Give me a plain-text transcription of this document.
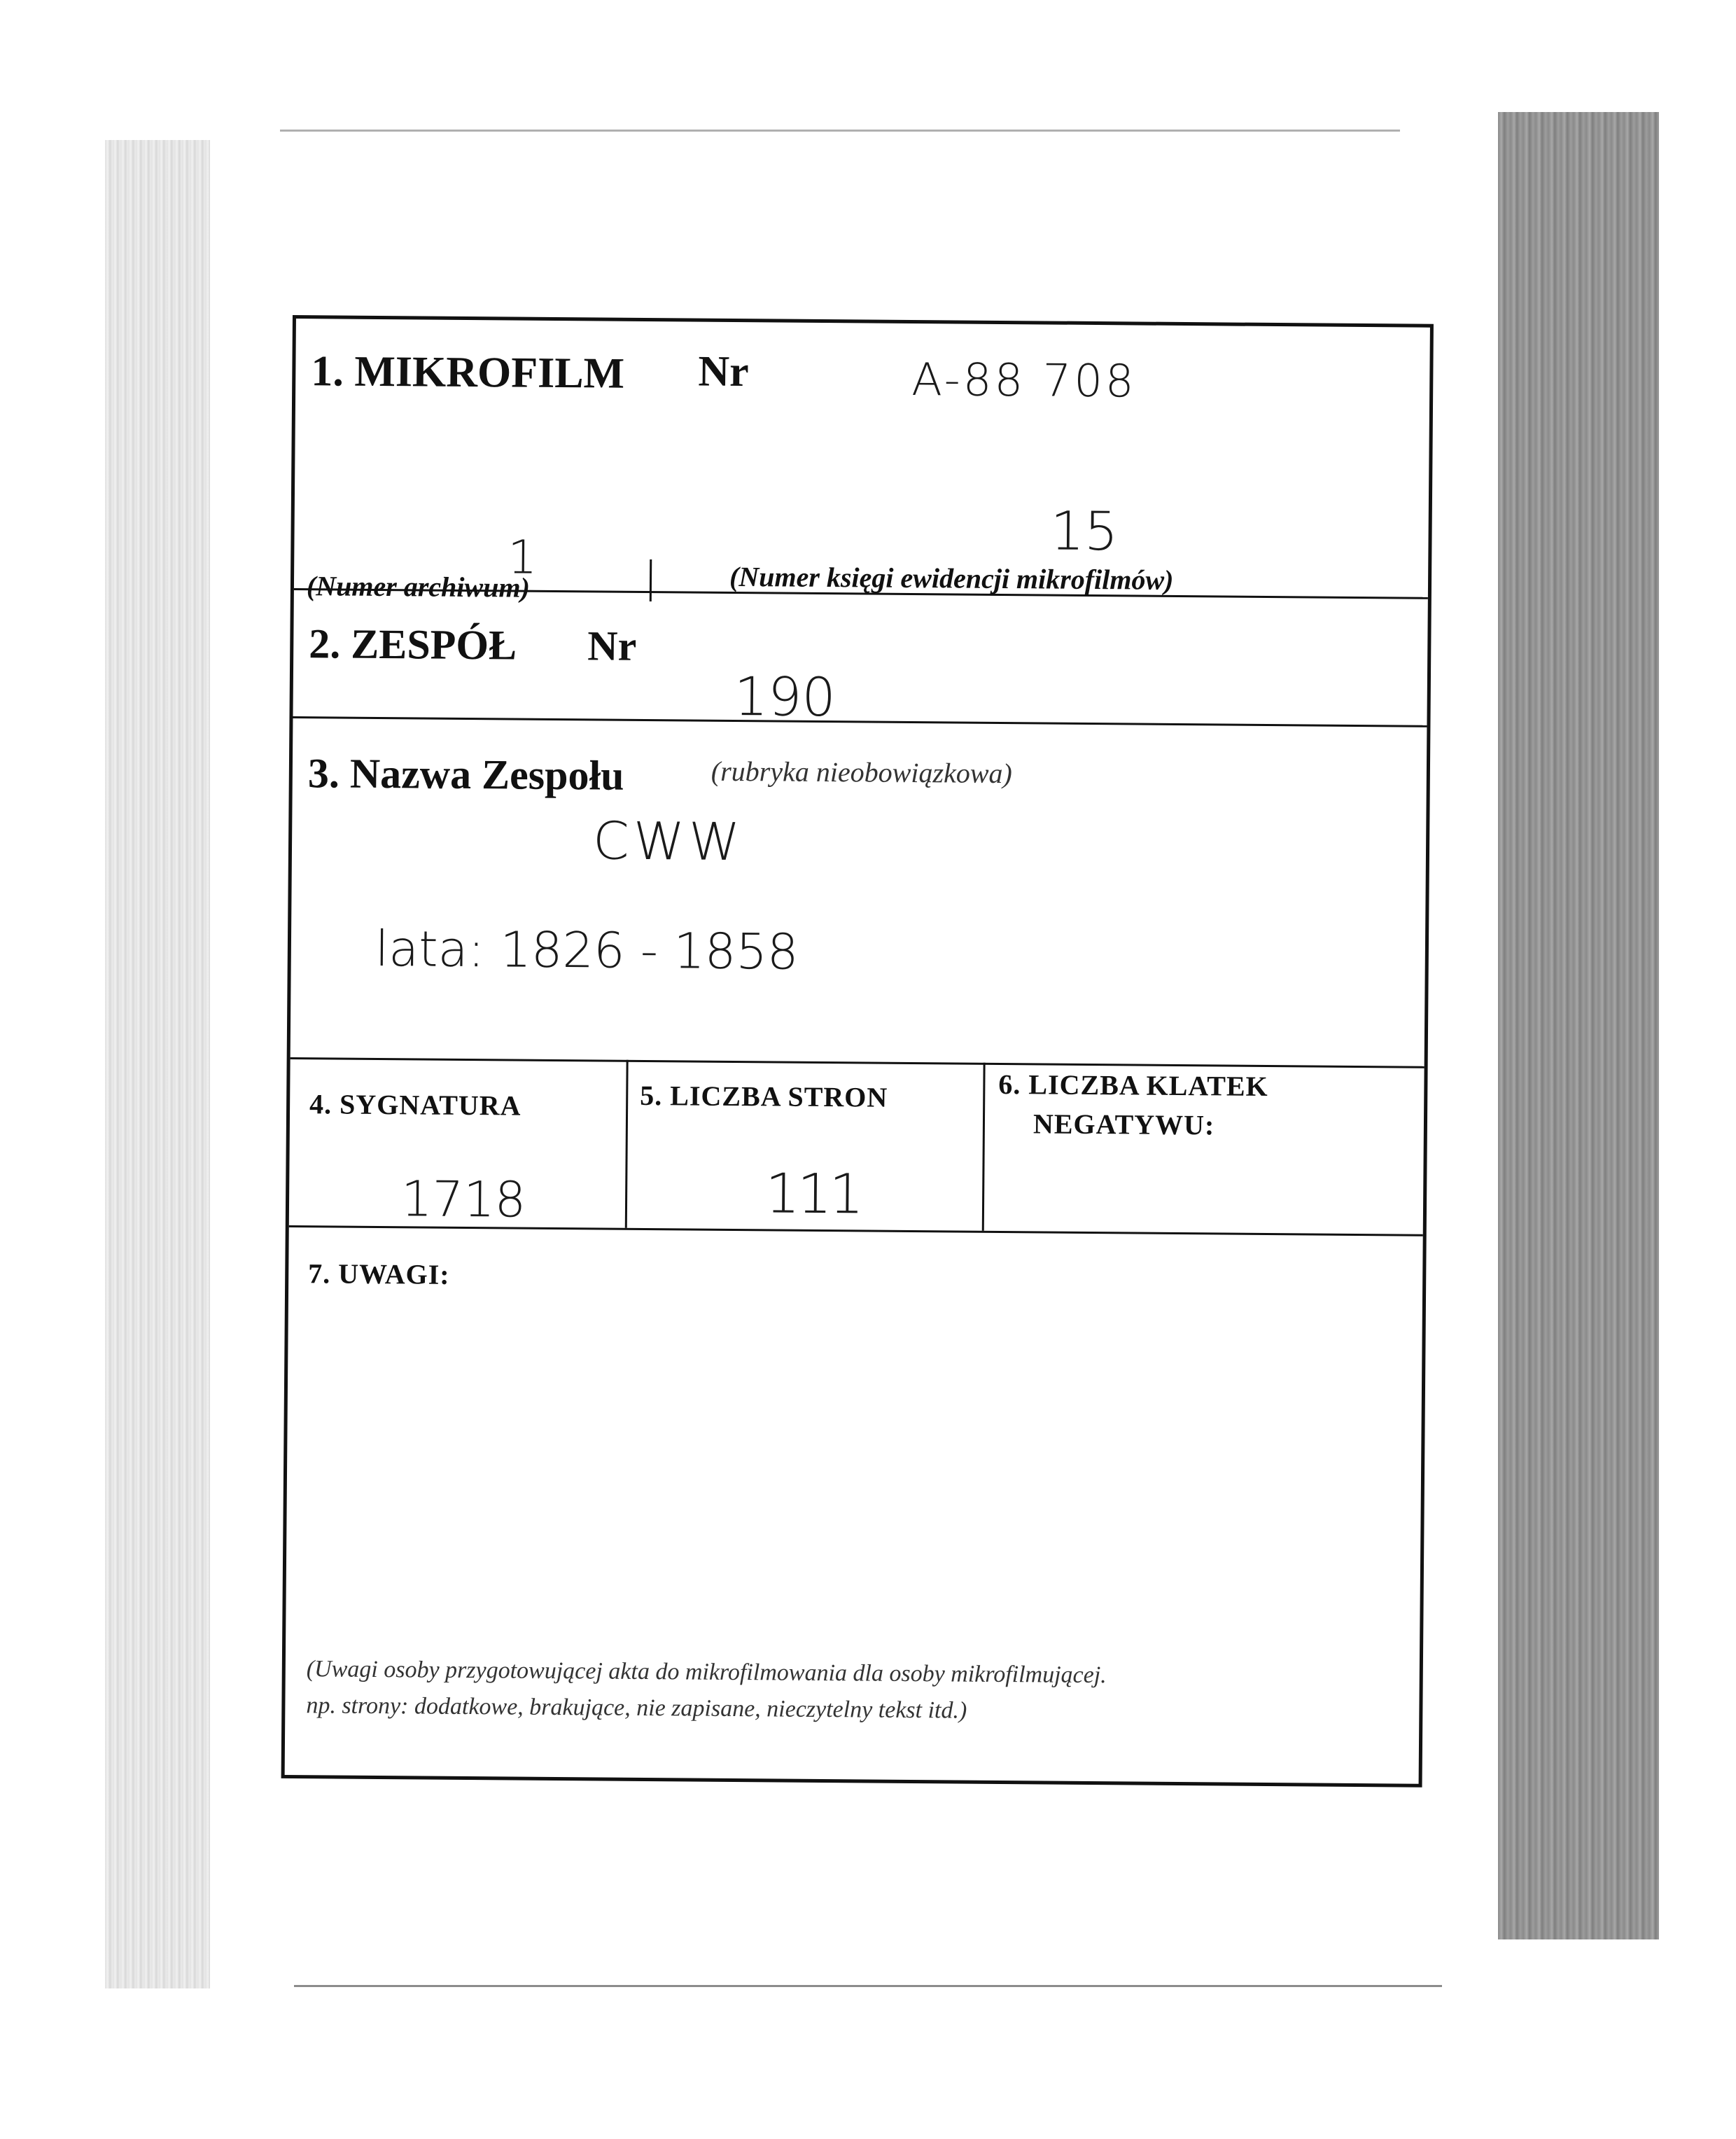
1. MIKROFILM Nr	A-88 708
1	15
(Numer archiwum)	(Numer księgi ewidencji mikrofilmów)
2. ZESPÓŁ Nr
190
3. Nazwa Zespołu	(rubryka nieobowiązkowa)
CWW
lata: 1826 - 1858
4. SYGNATURA	5. LICZBA STRON	6. LICZBA KLATEK
NEGATYWU:
1718	111
7. UWAGI:
(Uwagi osoby przygotowującej akta do mikrofilmowania dla osoby mikrofilmującej.
np. strony: dodatkowe, brakujące, nie zapisane, nieczytelny tekst itd.)
